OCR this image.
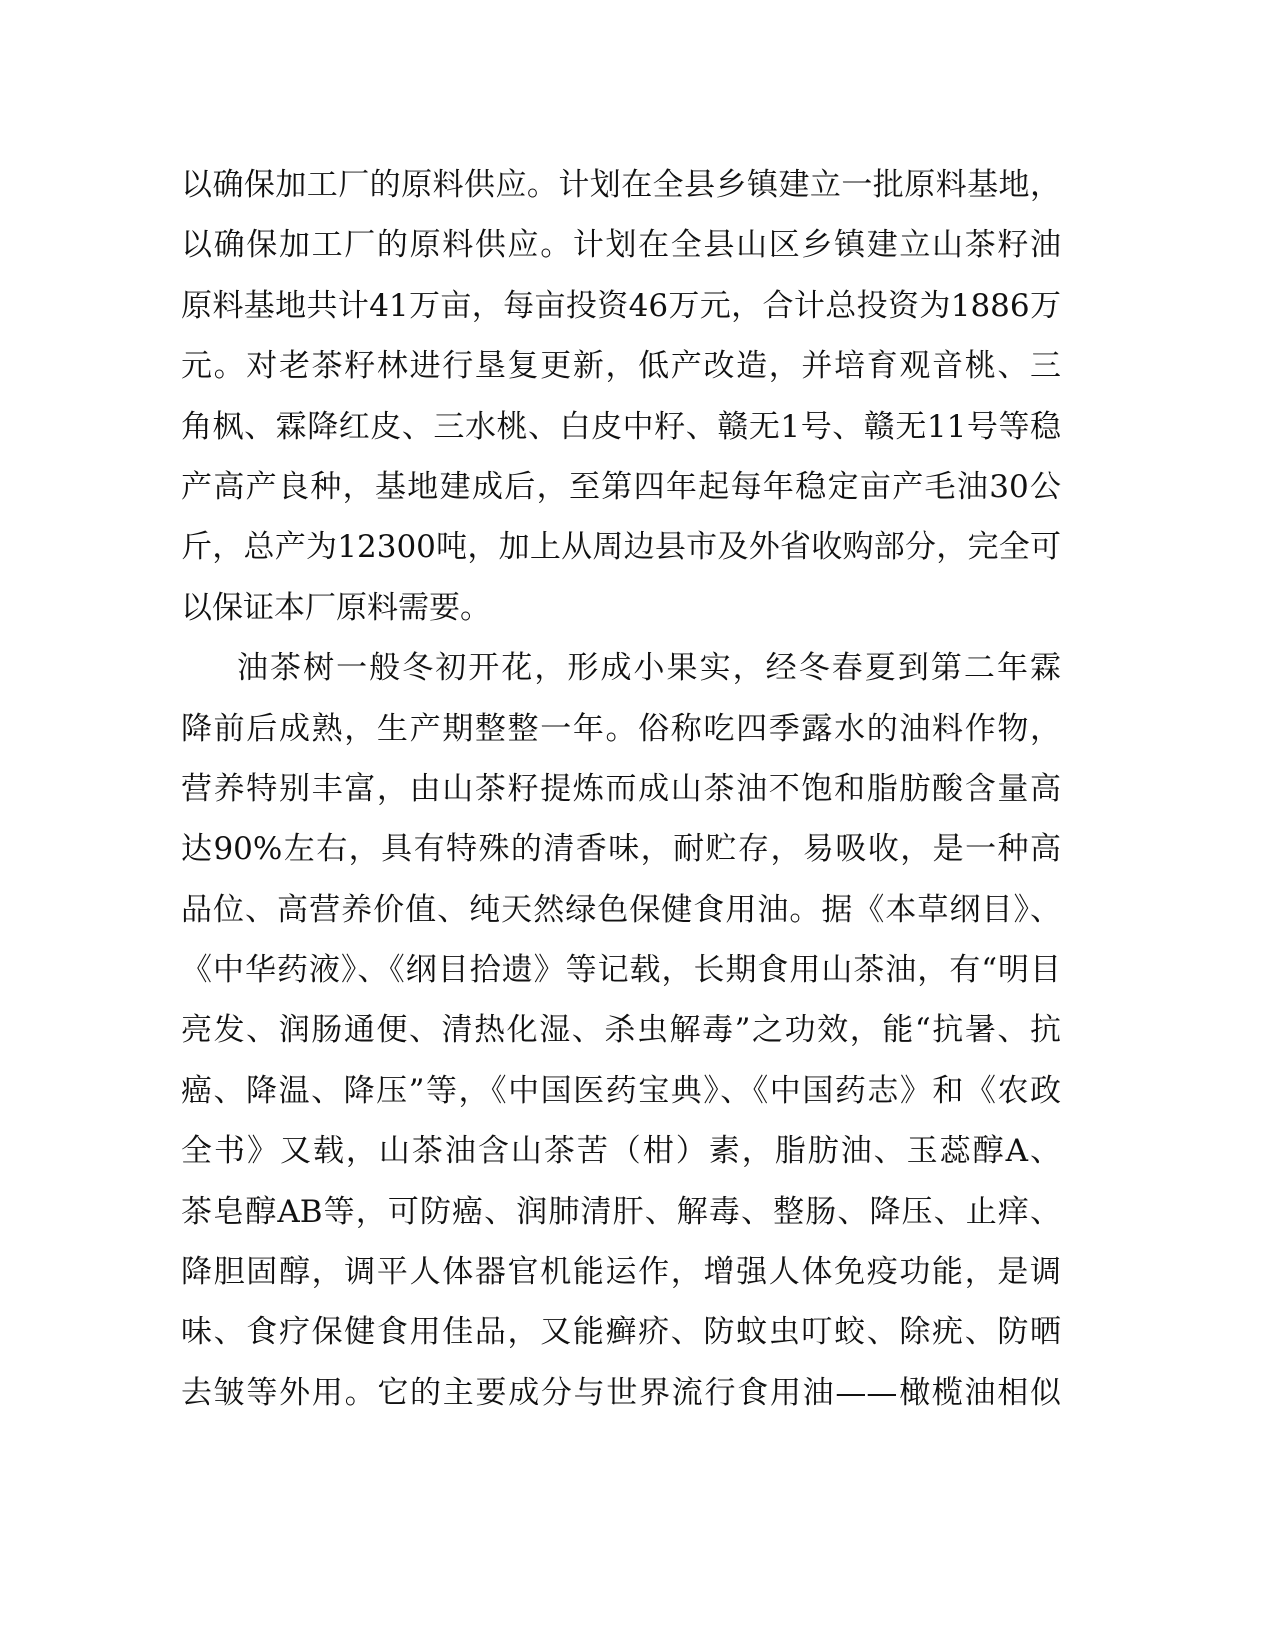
以确保加工厂的原料供应。计划在全县乡镇建立一批原料基地，
以确保加工厂的原料供应。计划在全县山区乡镇建立山茶籽油
原料基地共计41万亩，每亩投资46万元，合计总投资为1886万
元。对老茶籽林进行垦复更新，低产改造，并培育观音桃、三
角枫、霖降红皮、三水桃、白皮中籽、赣无1号、赣无11号等稳
产高产良种，基地建成后，至第四年起每年稳定亩产毛油30公
斤，总产为12300吨，加上从周边县市及外省收购部分，完全可
以保证本厂原料需要。
油茶树一般冬初开花，形成小果实，经冬春夏到第二年霖
降前后成熟，生产期整整一年。俗称吃四季露水的油料作物，
营养特别丰富，由山茶籽提炼而成山茶油不饱和脂肪酸含量高
达90%左右，具有特殊的清香味，耐贮存，易吸收，是一种高
品位、高营养价值、纯天然绿色保健食用油。据《本草纲目》、
《中华药液》、《纲目拾遗》等记载，长期食用山茶油，有“明目
亮发、润肠通便、清热化湿、杀虫解毒”之功效，能“抗暑、抗
癌、降温、降压”等，《中国医药宝典》、《中国药志》和《农政
全书》又载，山茶油含山茶苦（柑）素，脂肪油、玉蕊醇A、
茶皂醇AB等，可防癌、润肺清肝、解毒、整肠、降压、止痒、
降胆固醇，调平人体器官机能运作，增强人体免疫功能，是调
味、食疗保健食用佳品，又能癣疥、防蚊虫叮蛟、除疣、防晒
去皱等外用。它的主要成分与世界流行食用油——橄榄油相似
